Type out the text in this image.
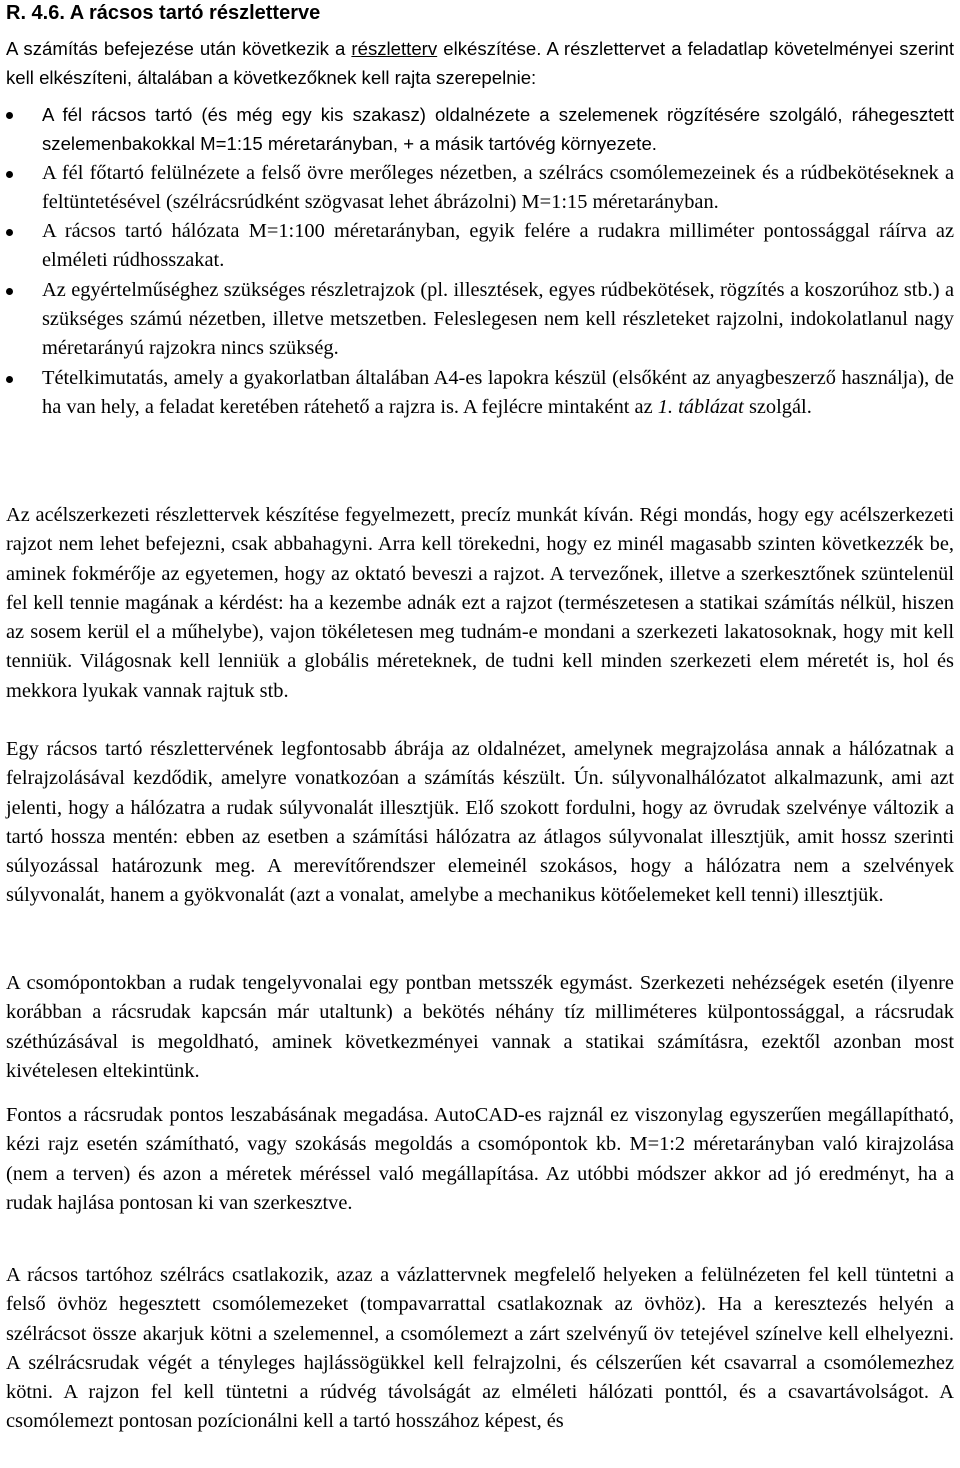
R. 4.6. A rácsos tartó részletterve

A számítás befejezése után következik a részletterv elkészítése. A részlettervet a feladatlap követelményei szerint kell elkészíteni, általában a következőknek kell rajta szerepelnie:

A fél rácsos tartó (és még egy kis szakasz) oldalnézete a szelemenek rögzítésére szolgáló, ráhegesztett szelemenbakokkal M=1:15 méretarányban, + a másik tartóvég környezete.
A fél főtartó felülnézete a felső övre merőleges nézetben, a szélrács csomólemezeinek és a rúdbekötéseknek a feltüntetésével (szélrácsrúdként szögvasat lehet ábrázolni) M=1:15 méretarányban.
A rácsos tartó hálózata M=1:100 méretarányban, egyik felére a rudakra milliméter pontossággal ráírva az elméleti rúdhosszakat.
Az egyértelműséghez szükséges részletrajzok (pl. illesztések, egyes rúdbekötések, rögzítés a koszorúhoz stb.) a szükséges számú nézetben, illetve metszetben. Feleslegesen nem kell részleteket rajzolni, indokolatlanul nagy méretarányú rajzokra nincs szükség.
Tételkimutatás, amely a gyakorlatban általában A4-es lapokra készül (elsőként az anyagbeszerző használja), de ha van hely, a feladat keretében rátehető a rajzra is. A fejlécre mintaként az 1. táblázat szolgál.

Az acélszerkezeti részlettervek készítése fegyelmezett, precíz munkát kíván. Régi mondás, hogy egy acélszerkezeti rajzot nem lehet befejezni, csak abbahagyni. Arra kell törekedni, hogy ez minél magasabb szinten következzék be, aminek fokmérője az egyetemen, hogy az oktató beveszi a rajzot. A tervezőnek, illetve a szerkesztőnek szüntelenül fel kell tennie magának a kérdést: ha a kezembe adnák ezt a rajzot (természetesen a statikai számítás nélkül, hiszen az sosem kerül el a műhelybe), vajon tökéletesen meg tudnám-e mondani a szerkezeti lakatosoknak, hogy mit kell tenniük. Világosnak kell lenniük a globális méreteknek, de tudni kell minden szerkezeti elem méretét is, hol és mekkora lyukak vannak rajtuk stb.

Egy rácsos tartó részlettervének legfontosabb ábrája az oldalnézet, amelynek megrajzolása annak a hálózatnak a felrajzolásával kezdődik, amelyre vonatkozóan a számítás készült. Ún. súlyvonalhálózatot alkalmazunk, ami azt jelenti, hogy a hálózatra a rudak súlyvonalát illesztjük. Elő szokott fordulni, hogy az övrudak szelvénye változik a tartó hossza mentén: ebben az esetben a számítási hálózatra az átlagos súlyvonalat illesztjük, amit hossz szerinti súlyozással határozunk meg. A merevítőrendszer elemeinél szokásos, hogy a hálózatra nem a szelvények súlyvonalát, hanem a gyökvonalát (azt a vonalat, amelybe a mechanikus kötőelemeket kell tenni) illesztjük.

A csomópontokban a rudak tengelyvonalai egy pontban metsszék egymást. Szerkezeti nehézségek esetén (ilyenre korábban a rácsrudak kapcsán már utaltunk) a bekötés néhány tíz milliméteres külpontossággal, a rácsrudak széthúzásával is megoldható, aminek következményei vannak a statikai számításra, ezektől azonban most kivételesen eltekintünk.

Fontos a rácsrudak pontos leszabásának megadása. AutoCAD-es rajznál ez viszonylag egyszerűen megállapítható, kézi rajz esetén számítható, vagy szokásás megoldás a csomópontok kb. M=1:2 méretarányban való kirajzolása (nem a terven) és azon a méretek méréssel való megállapítása. Az utóbbi módszer akkor ad jó eredményt, ha a rudak hajlása pontosan ki van szerkesztve.

A rácsos tartóhoz szélrács csatlakozik, azaz a vázlattervnek megfelelő helyeken a felülnézeten fel kell tüntetni a felső övhöz hegesztett csomólemezeket (tompavarrattal csatlakoznak az övhöz). Ha a keresztezés helyén a szélrácsot össze akarjuk kötni a szelemennel, a csomólemezt a zárt szelvényű öv tetejével színelve kell elhelyezni. A szélrácsrudak végét a tényleges hajlássögükkel kell felrajzolni, és célszerűen két csavarral a csomólemezhez kötni. A rajzon fel kell tüntetni a rúdvég távolságát az elméleti hálózati ponttól, és a csavartávolságot. A csomólemezt pontosan pozícionálni kell a tartó hosszához képest, és
